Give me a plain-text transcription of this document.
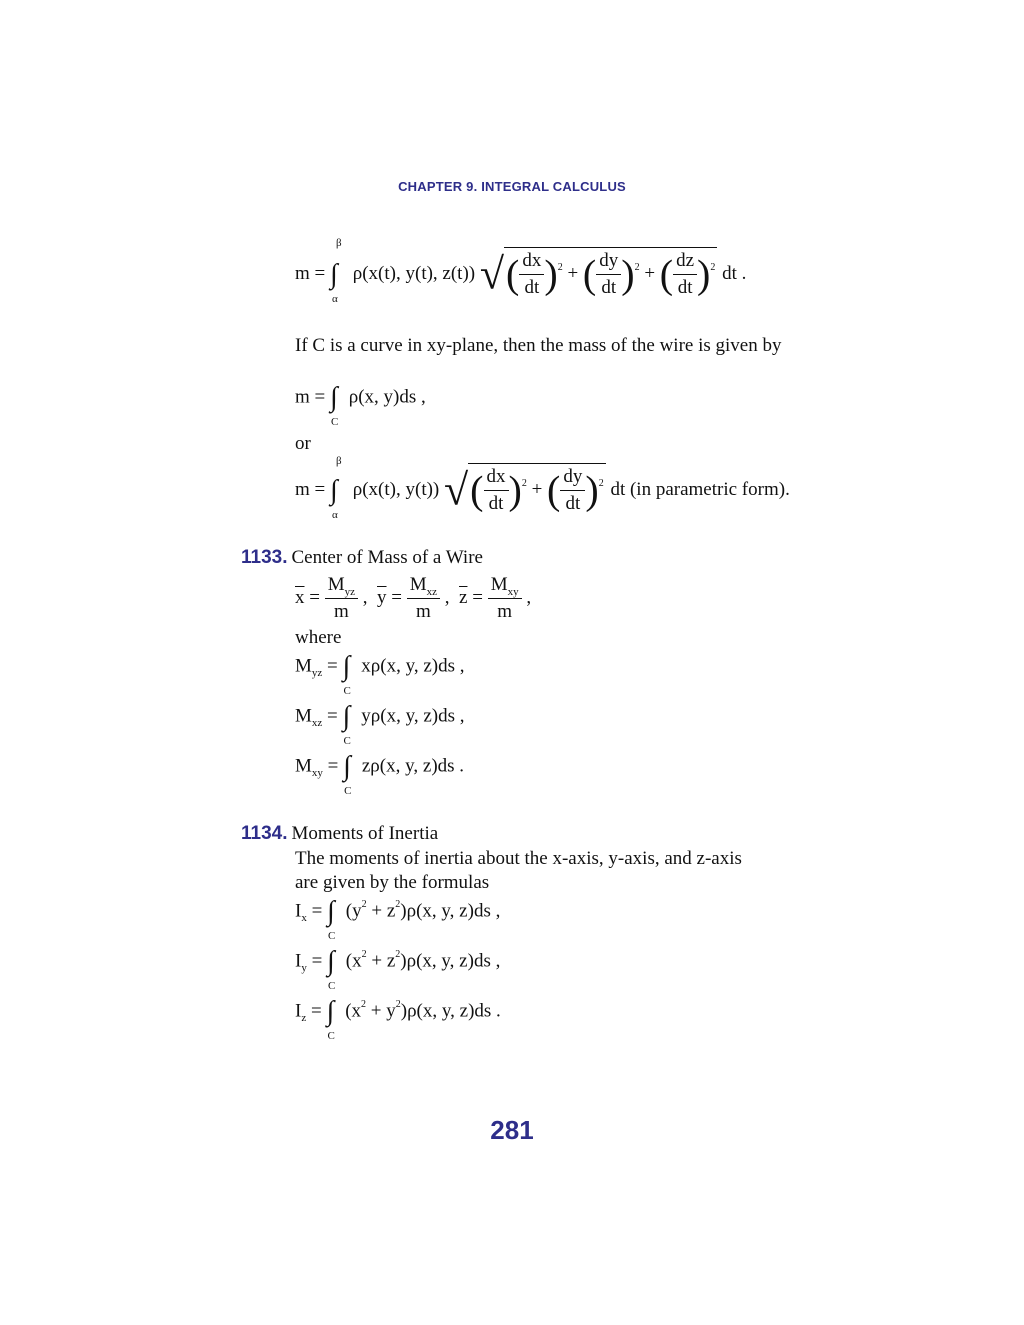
CHAPTER 9. INTEGRAL CALCULUS
m =
β
∫
α
ρ(x(t), y(t), z(t)) √( $\frac{dx}{dt} )^2$ + ( $\frac{dy}{dt} )^2$ + ( $\frac{dz}{dt} )^2$ dt .
If C is a curve in xy-plane, then the mass of the wire is given by
m = ∫
C
ρ(x, y)ds ,
or
m =
β
∫
α
ρ(x(t), y(t)) √( $\frac{dx}{dt} )^2$ + ( $\frac{dy}{dt} )^2$ dt (in parametric form).
1133. Center of Mass of a Wire
$\overline{x} = \frac{M_{yz}}{m}$ ,  $\overline{y} = \frac{M_{xz}}{m}$ ,  $\overline{z} = \frac{M_{xy}}{m}$ ,
where
$M_{yz}$ = ∫
C
xρ(x, y, z)ds ,
$M_{xz}$ = ∫
C
yρ(x, y, z)ds ,
$M_{xy}$ = ∫
C
zρ(x, y, z)ds .
1134. Moments of Inertia
The moments of inertia about the x-axis, y-axis, and z-axis
are given by the formulas
$I_x$ = ∫
C
$(y^2 + z^2)\rho(x$, y, z)ds ,
$I_y$ = ∫
C
$(x^2 + z^2)\rho(x$, y, z)ds ,
$I_z$ = ∫
C
$(x^2 + y^2)\rho(x$, y, z)ds .
281
